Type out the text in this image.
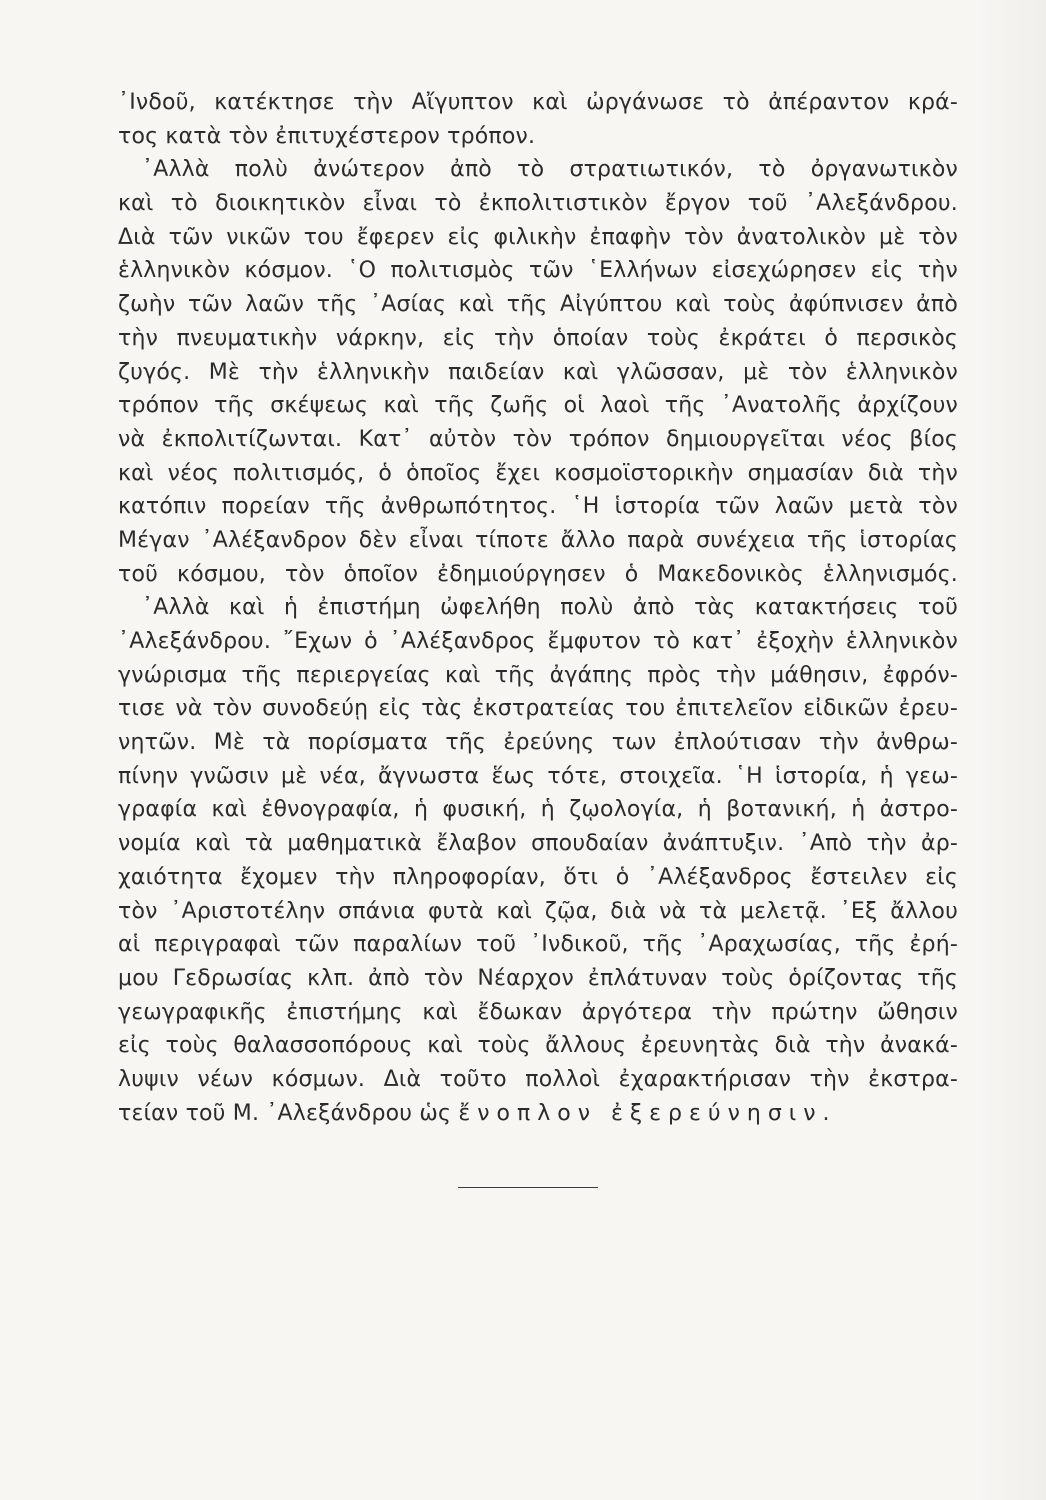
᾽Ινδοῦ, κατέκτησε τὴν Αἴγυπτον καὶ ὠργάνωσε τὸ ἀπέραντον κρά-
τος κατὰ τὸν ἐπιτυχέστερον τρόπον.
᾽Αλλὰ πολὺ ἀνώτερον ἀπὸ τὸ στρατιωτικόν, τὸ ὀργανωτικὸν
καὶ τὸ διοικητικὸν εἶναι τὸ ἐκπολιτιστικὸν ἔργον τοῦ ᾽Αλεξάνδρου.
Διὰ τῶν νικῶν του ἔφερεν εἰς φιλικὴν ἐπαφὴν τὸν ἀνατολικὸν μὲ τὸν
ἑλληνικὸν κόσμον. ῾Ο πολιτισμὸς τῶν ῾Ελλήνων εἰσεχώρησεν εἰς τὴν
ζωὴν τῶν λαῶν τῆς ᾽Ασίας καὶ τῆς Αἰγύπτου καὶ τοὺς ἀφύπνισεν ἀπὸ
τὴν πνευματικὴν νάρκην, εἰς τὴν ὁποίαν τοὺς ἐκράτει ὁ περσικὸς
ζυγός. Μὲ τὴν ἑλληνικὴν παιδείαν καὶ γλῶσσαν, μὲ τὸν ἑλληνικὸν
τρόπον τῆς σκέψεως καὶ τῆς ζωῆς οἱ λαοὶ τῆς ᾽Ανατολῆς ἀρχίζουν
νὰ ἐκπολιτίζωνται. Κατ᾽ αὐτὸν τὸν τρόπον δημιουργεῖται νέος βίος
καὶ νέος πολιτισμός, ὁ ὁποῖος ἔχει κοσμοϊστορικὴν σημασίαν διὰ τὴν
κατόπιν πορείαν τῆς ἀνθρωπότητος. ῾Η ἱστορία τῶν λαῶν μετὰ τὸν
Μέγαν ᾽Αλέξανδρον δὲν εἶναι τίποτε ἄλλο παρὰ συνέχεια τῆς ἱστορίας
τοῦ κόσμου, τὸν ὁποῖον ἐδημιούργησεν ὁ Μακεδονικὸς ἑλληνισμός.
᾽Αλλὰ καὶ ἡ ἐπιστήμη ὠφελήθη πολὺ ἀπὸ τὰς κατακτήσεις τοῦ
᾽Αλεξάνδρου. ῎Εχων ὁ ᾽Αλέξανδρος ἔμφυτον τὸ κατ᾽ ἐξοχὴν ἑλληνικὸν
γνώρισμα τῆς περιεργείας καὶ τῆς ἀγάπης πρὸς τὴν μάθησιν, ἐφρόν-
τισε νὰ τὸν συνοδεύῃ εἰς τὰς ἐκστρατείας του ἐπιτελεῖον εἰδικῶν ἐρευ-
νητῶν. Μὲ τὰ πορίσματα τῆς ἐρεύνης των ἐπλούτισαν τὴν ἀνθρω-
πίνην γνῶσιν μὲ νέα, ἄγνωστα ἕως τότε, στοιχεῖα. ῾Η ἱστορία, ἡ γεω-
γραφία καὶ ἐθνογραφία, ἡ φυσική, ἡ ζῳολογία, ἡ βοτανική, ἡ ἀστρο-
νομία καὶ τὰ μαθηματικὰ ἔλαβον σπουδαίαν ἀνάπτυξιν. ᾽Απὸ τὴν ἀρ-
χαιότητα ἔχομεν τὴν πληροφορίαν, ὅτι ὁ ᾽Αλέξανδρος ἔστειλεν εἰς
τὸν ᾽Αριστοτέλην σπάνια φυτὰ καὶ ζῷα, διὰ νὰ τὰ μελετᾷ. ᾽Εξ ἄλλου
αἱ περιγραφαὶ τῶν παραλίων τοῦ ᾽Ινδικοῦ, τῆς ᾽Αραχωσίας, τῆς ἐρή-
μου Γεδρωσίας κλπ. ἀπὸ τὸν Νέαρχον ἐπλάτυναν τοὺς ὁρίζοντας τῆς
γεωγραφικῆς ἐπιστήμης καὶ ἔδωκαν ἀργότερα τὴν πρώτην ὤθησιν
εἰς τοὺς θαλασσοπόρους καὶ τοὺς ἄλλους ἐρευνητὰς διὰ τὴν ἀνακά-
λυψιν νέων κόσμων. Διὰ τοῦτο πολλοὶ ἐχαρακτήρισαν τὴν ἐκστρα-
τείαν τοῦ Μ. ᾽Αλεξάνδρου ὡς ἔνοπλον ἐξερεύνησιν.
